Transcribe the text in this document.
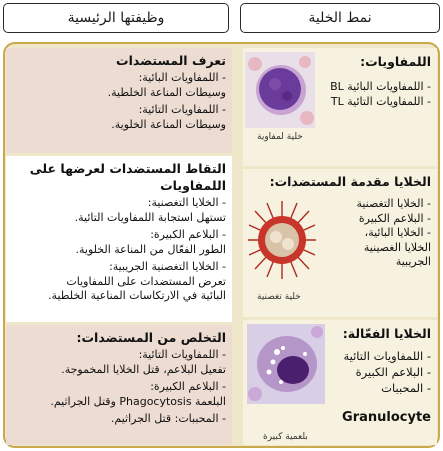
نمط الخلية
وظيفتها الرئيسية
اللمفاويات:
- اللمفاويات البائية BL
- اللمفاويات التائية TL
خلية لمفاوية
الخلايا مقدمة المستضدات:
- الخلايا التغصنية
- البلاعم الكبيرة
- الخلايا البائية،
الخلايا الغصينية
الجريبية
خلية تغصنية
الخلايا الفعّالة:
- اللمفاويات التائية
- البلاعم الكبيرة
- المحببات
Granulocyte
بلعمية كبيرة
تعرف المستضدات
- اللمفاويات البائية:
وسيطات المناعة الخلطية.
- اللمفاويات التائية:
وسيطات المناعة الخلوية.
التقاط المستضدات لعرضها على اللمفاويات
- الخلايا التغصنية:
تستهل استجابة اللمفاويات التائية.
- البلاعم الكبيرة:
الطور الفعّال من المناعة الخلوية.
- الخلايا التغصنية الجريبية:
تعرض المستضدات على اللمفاويات
البائية في الارتكاسات المناعية الخلطية.
التخلص من المستضدات:
- اللمفاويات التائية:
تفعيل البلاعم، قتل الخلايا المخموجة.
- البلاعم الكبيرة:
البلعمة Phagocytosis وقتل الجراثيم.
- المحببات: قتل الجراثيم.
